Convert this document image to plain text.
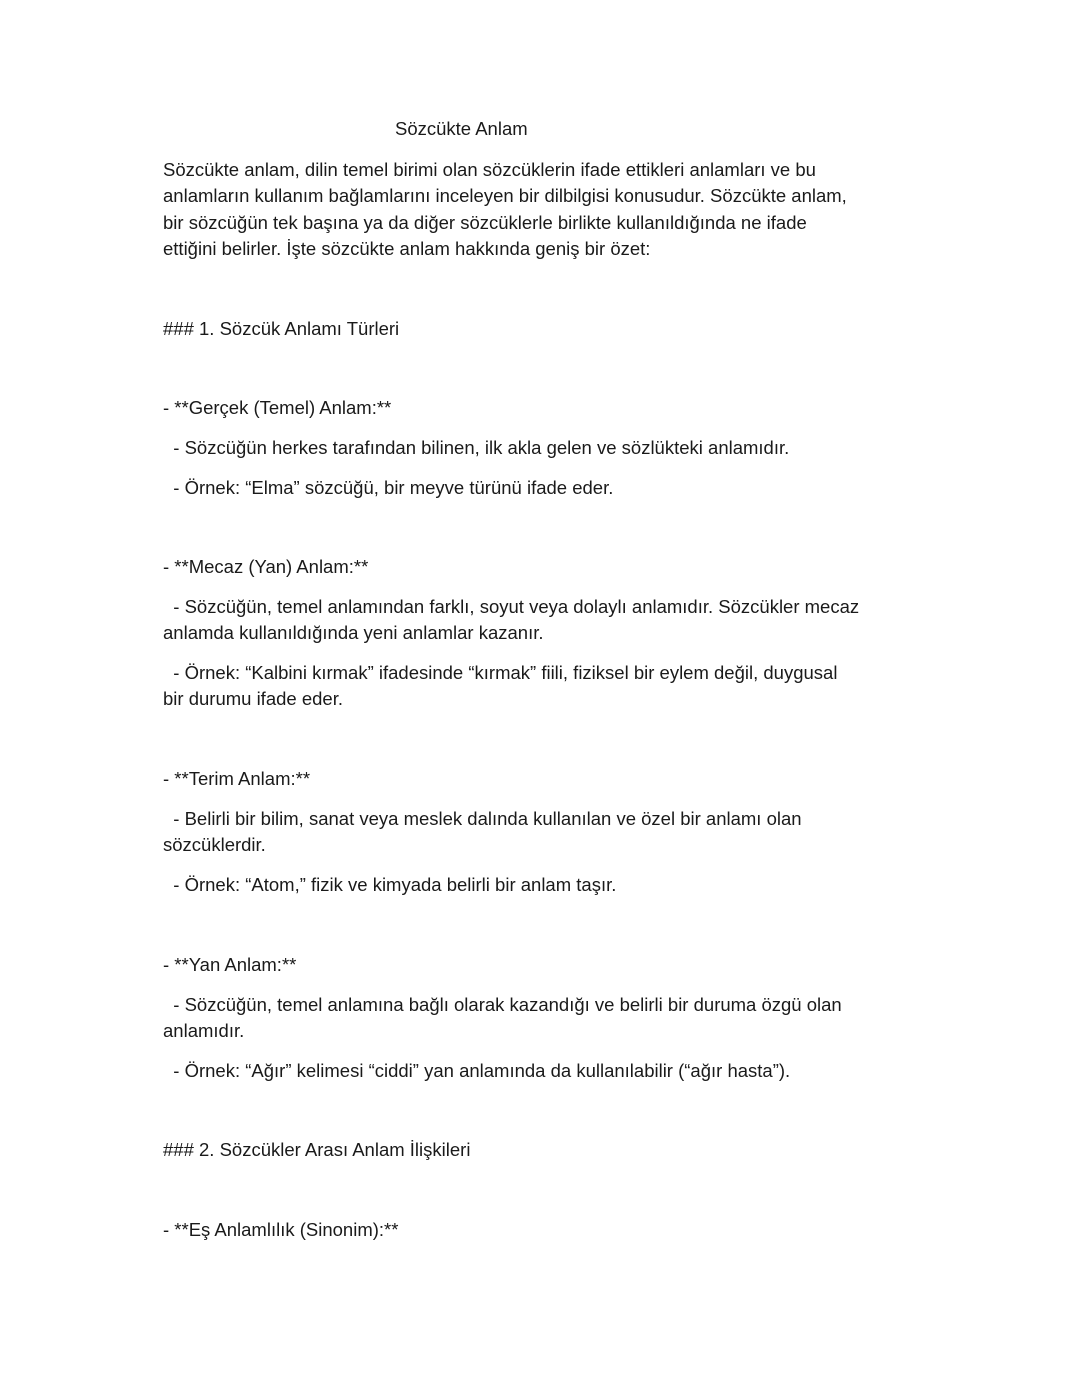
Sözcükte Anlam

Sözcükte anlam, dilin temel birimi olan sözcüklerin ifade ettikleri anlamları ve bu

anlamların kullanım bağlamlarını inceleyen bir dilbilgisi konusudur. Sözcükte anlam,

bir sözcüğün tek başına ya da diğer sözcüklerle birlikte kullanıldığında ne ifade

ettiğini belirler. İşte sözcükte anlam hakkında geniş bir özet:

### 1. Sözcük Anlamı Türleri

- **Gerçek (Temel) Anlam:**

- Sözcüğün herkes tarafından bilinen, ilk akla gelen ve sözlükteki anlamıdır.

- Örnek: “Elma” sözcüğü, bir meyve türünü ifade eder.

- **Mecaz (Yan) Anlam:**

- Sözcüğün, temel anlamından farklı, soyut veya dolaylı anlamıdır. Sözcükler mecaz

anlamda kullanıldığında yeni anlamlar kazanır.

- Örnek: “Kalbini kırmak” ifadesinde “kırmak” fiili, fiziksel bir eylem değil, duygusal

bir durumu ifade eder.

- **Terim Anlam:**

- Belirli bir bilim, sanat veya meslek dalında kullanılan ve özel bir anlamı olan

sözcüklerdir.

- Örnek: “Atom,” fizik ve kimyada belirli bir anlam taşır.

- **Yan Anlam:**

- Sözcüğün, temel anlamına bağlı olarak kazandığı ve belirli bir duruma özgü olan

anlamıdır.

- Örnek: “Ağır” kelimesi “ciddi” yan anlamında da kullanılabilir (“ağır hasta”).

### 2. Sözcükler Arası Anlam İlişkileri

- **Eş Anlamlılık (Sinonim):**
